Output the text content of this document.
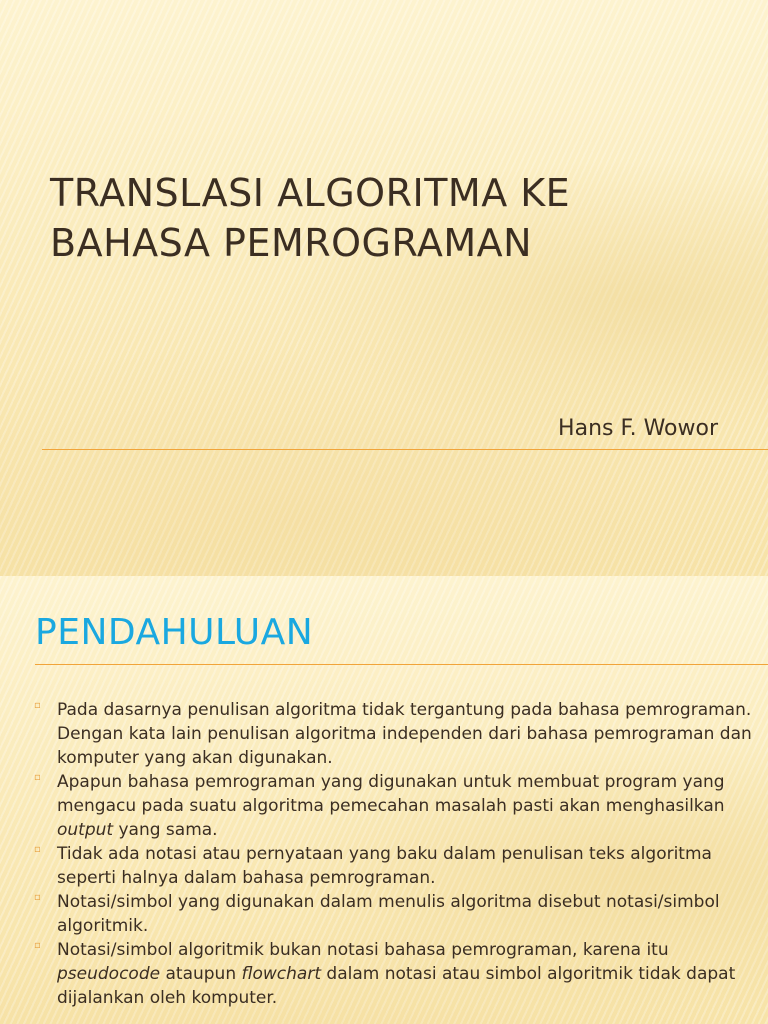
TRANSLASI ALGORITMA KE
BAHASA PEMROGRAMAN

Hans F. Wowor

PENDAHULUAN
▫ Pada dasarnya penulisan algoritma tidak tergantung pada bahasa pemrograman. Dengan kata lain penulisan algoritma independen dari bahasa pemrograman dan komputer yang akan digunakan.
▫ Apapun bahasa pemrograman yang digunakan untuk membuat program yang mengacu pada suatu algoritma pemecahan masalah pasti akan menghasilkan output yang sama.
▫ Tidak ada notasi atau pernyataan yang baku dalam penulisan teks algoritma seperti halnya dalam bahasa pemrograman.
▫ Notasi/simbol yang digunakan dalam menulis algoritma disebut notasi/simbol algoritmik.
▫ Notasi/simbol algoritmik bukan notasi bahasa pemrograman, karena itu pseudocode ataupun flowchart dalam notasi atau simbol algoritmik tidak dapat dijalankan oleh komputer.
